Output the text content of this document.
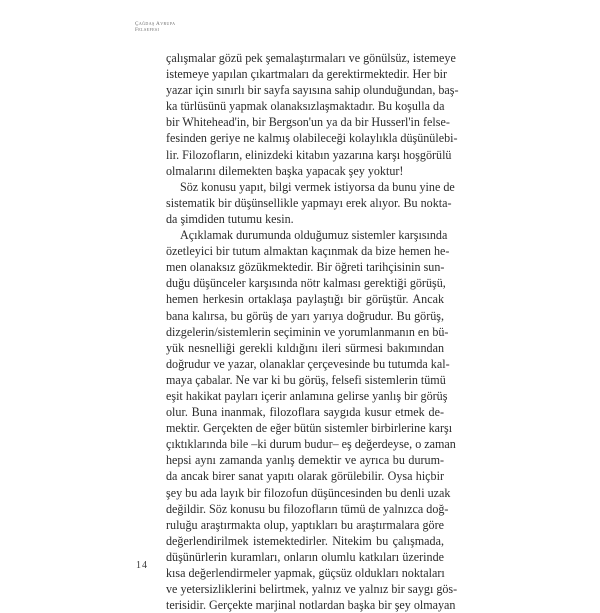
Çağdaş Avrupa
Felsefesi
çalışmalar gözü pek şemalaştırmaları ve gönülsüz, istemeye
istemeye yapılan çıkartmaları da gerektirmektedir. Her bir
yazar için sınırlı bir sayfa sayısına sahip olunduğundan, baş-
ka türlüsünü yapmak olanaksızlaşmaktadır. Bu koşulla da
bir Whitehead'in, bir Bergson'un ya da bir Husserl'in felse-
fesinden geriye ne kalmış olabileceği kolaylıkla düşünülebi-
lir. Filozofların, elinizdeki kitabın yazarına karşı hoşgörülü
olmalarını dilemekten başka yapacak şey yoktur!
Söz konusu yapıt, bilgi vermek istiyorsa da bunu yine de
sistematik bir düşünsellikle yapmayı erek alıyor. Bu nokta-
da şimdiden tutumu kesin.
Açıklamak durumunda olduğumuz sistemler karşısında
özetleyici bir tutum almaktan kaçınmak da bize hemen he-
men olanaksız gözükmektedir. Bir öğreti tarihçisinin sun-
duğu düşünceler karşısında nötr kalması gerektiği görüşü,
hemen herkesin ortaklaşa paylaştığı bir görüştür. Ancak
bana kalırsa, bu görüş de yarı yarıya doğrudur. Bu görüş,
dizgelerin/sistemlerin seçiminin ve yorumlanmanın en bü-
yük nesnelliği gerekli kıldığını ileri sürmesi bakımından
doğrudur ve yazar, olanaklar çerçevesinde bu tutumda kal-
maya çabalar. Ne var ki bu görüş, felsefi sistemlerin tümü
eşit hakikat payları içerir anlamına gelirse yanlış bir görüş
olur. Buna inanmak, filozoflara saygıda kusur etmek de-
mektir. Gerçekten de eğer bütün sistemler birbirlerine karşı
çıktıklarında bile –ki durum budur– eş değerdeyse, o zaman
hepsi aynı zamanda yanlış demektir ve ayrıca bu durum-
da ancak birer sanat yapıtı olarak görülebilir. Oysa hiçbir
şey bu ada layık bir filozofun düşüncesinden bu denli uzak
değildir. Söz konusu bu filozofların tümü de yalnızca doğ-
ruluğu araştırmakta olup, yaptıkları bu araştırmalara göre
değerlendirilmek istemektedirler. Nitekim bu çalışmada,
düşünürlerin kuramları, onların olumlu katkıları üzerinde
kısa değerlendirmeler yapmak, güçsüz oldukları noktaları
ve yetersizliklerini belirtmek, yalnız ve yalnız bir saygı gös-
terisidir. Gerçekte marjinal notlardan başka bir şey olmayan
14
